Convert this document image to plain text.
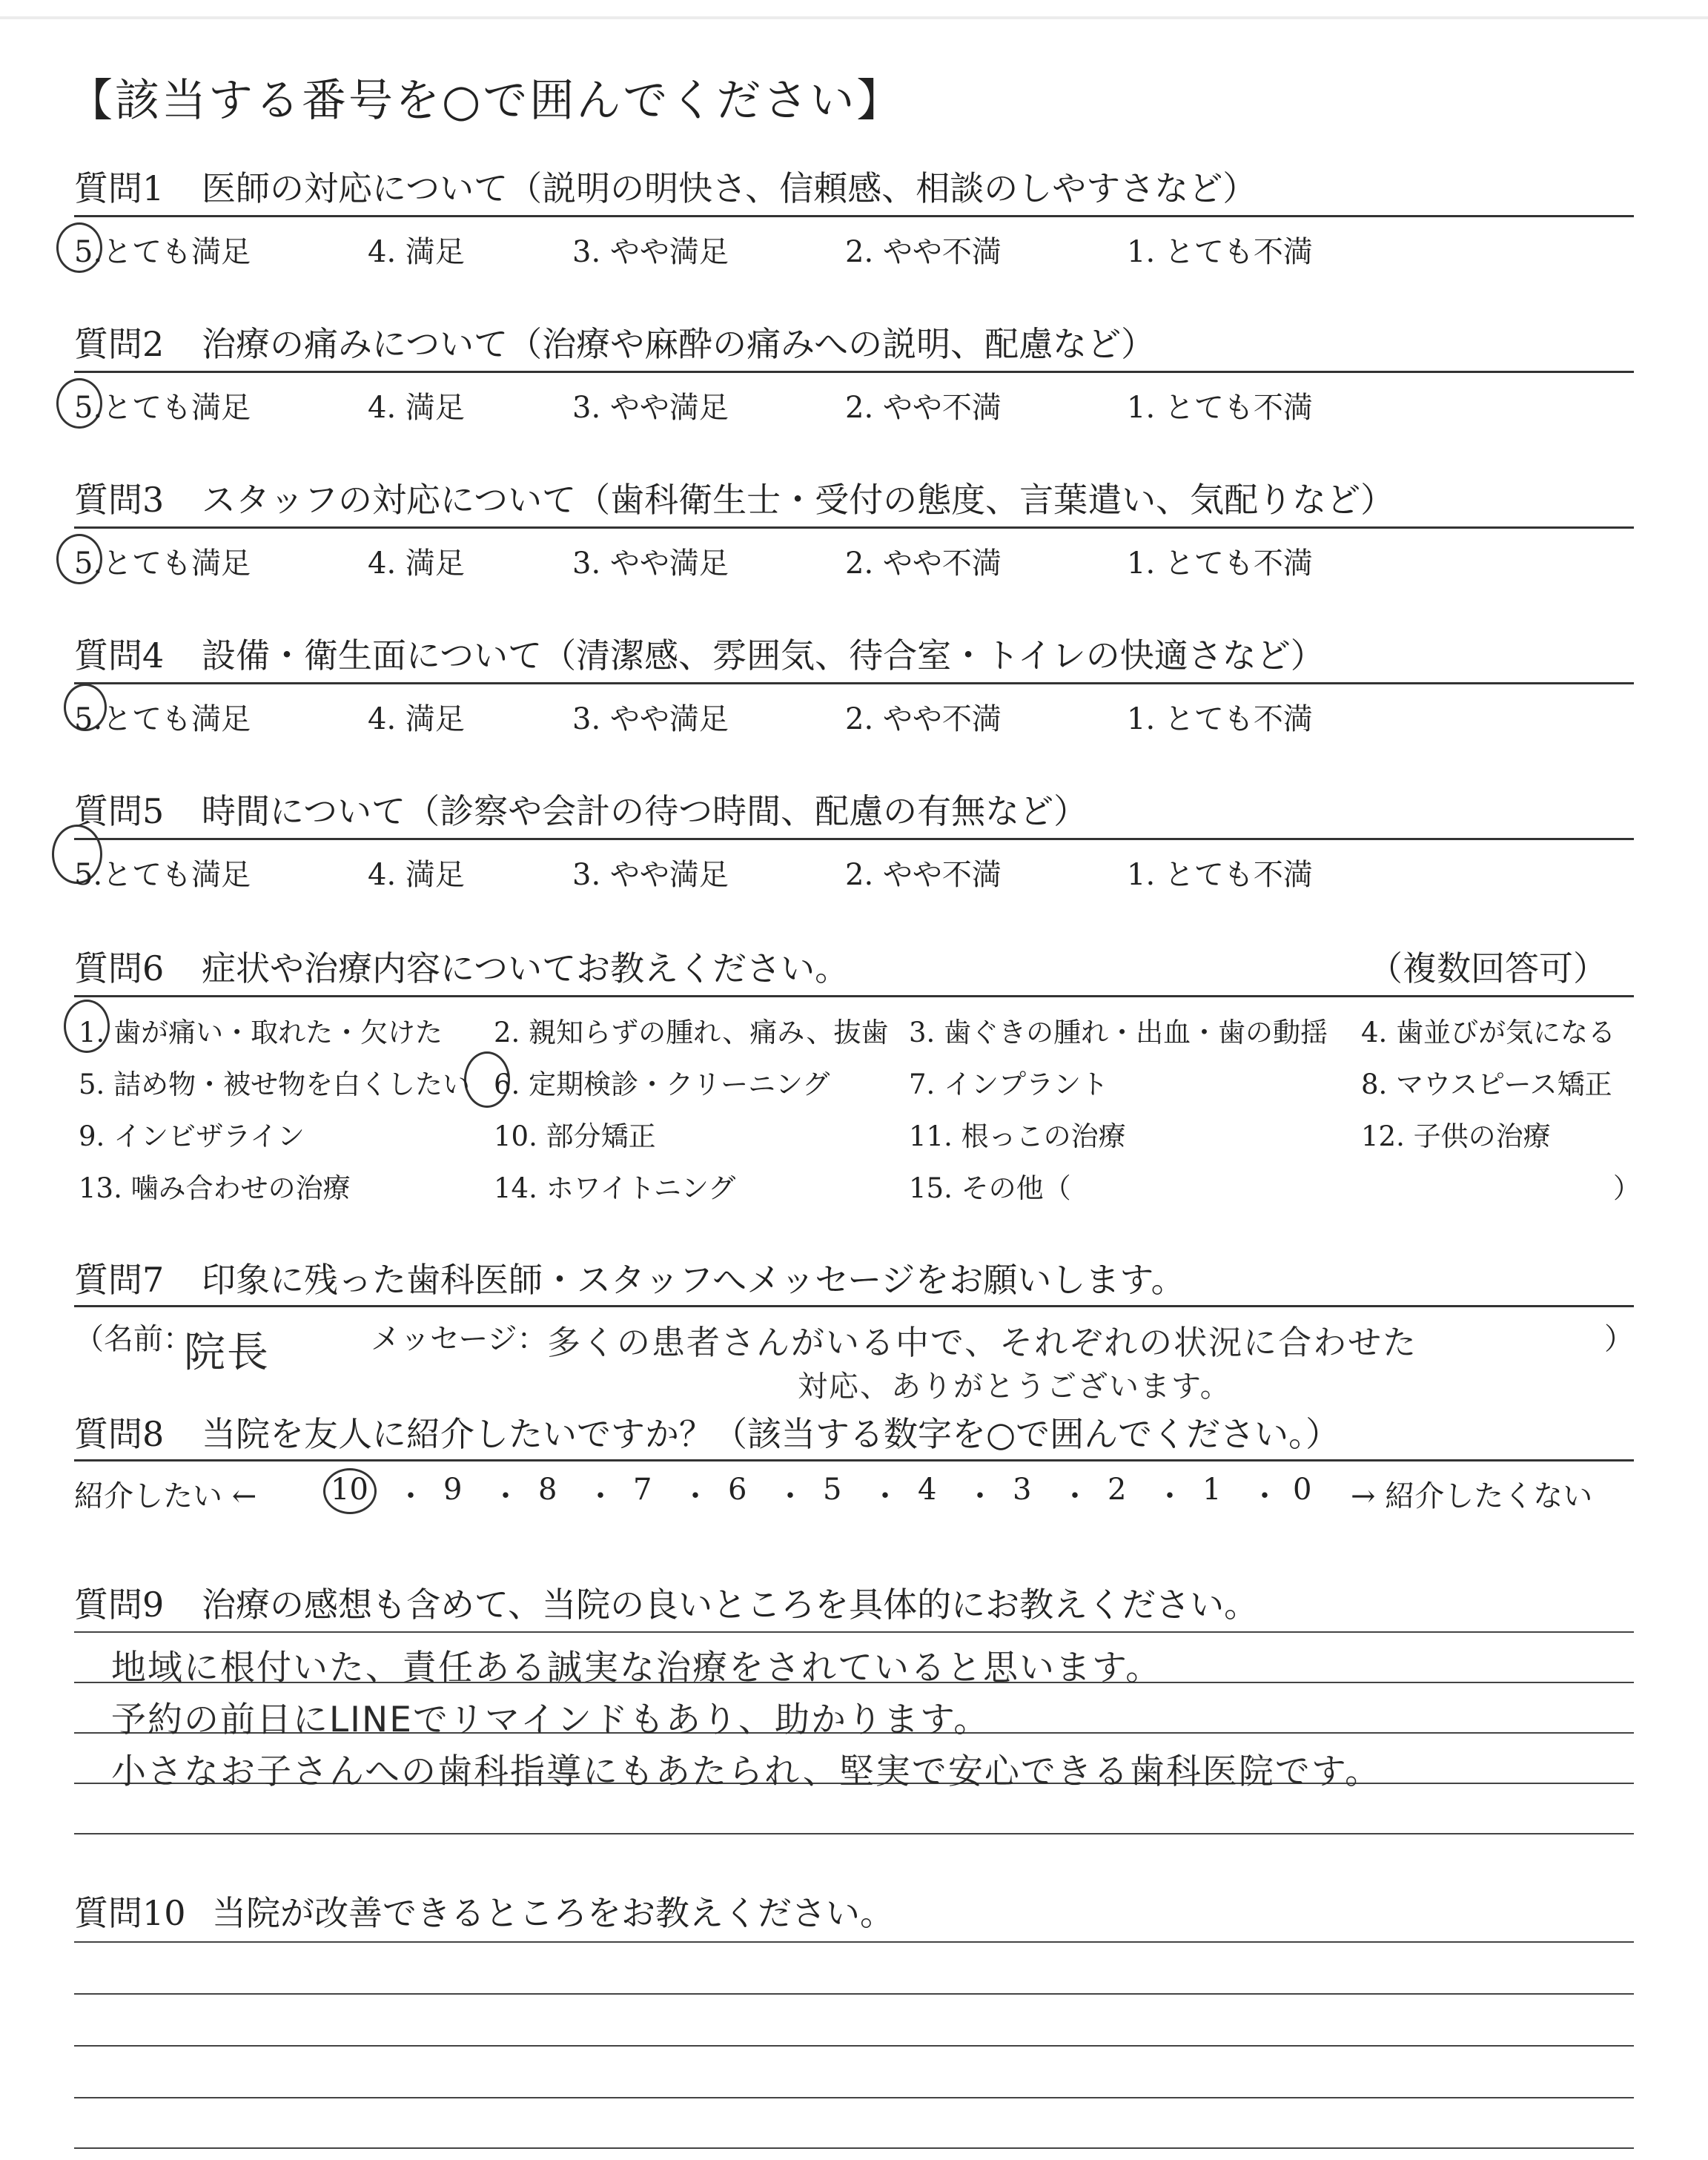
【該当する番号を○で囲んでください】
質問1 医師の対応について（説明の明快さ、信頼感、相談のしやすさなど）
5.とても満足	4. 満足	3. やや満足	2. やや不満	1. とても不満
質問2 治療の痛みについて（治療や麻酔の痛みへの説明、配慮など）
5.とても満足	4. 満足	3. やや満足	2. やや不満	1. とても不満
質問3 スタッフの対応について（歯科衛生士・受付の態度、言葉遣い、気配りなど）
5.とても満足	4. 満足	3. やや満足	2. やや不満	1. とても不満
質問4 設備・衛生面について（清潔感、雰囲気、待合室・トイレの快適さなど）
5.とても満足	4. 満足	3. やや満足	2. やや不満	1. とても不満
質問5 時間について（診察や会計の待つ時間、配慮の有無など）
5.とても満足	4. 満足	3. やや満足	2. やや不満	1. とても不満
質問6 症状や治療内容についてお教えください。	（複数回答可）
1. 歯が痛い・取れた・欠けた 2. 親知らずの腫れ、痛み、抜歯 3. 歯ぐきの腫れ・出血・歯の動揺 4. 歯並びが気になる
5. 詰め物・被せ物を白くしたい 6. 定期検診・クリーニング	7. インプラント	8. マウスピース矯正
9. インビザライン	10. 部分矯正	11. 根っこの治療	12. 子供の治療
13. 噛み合わせの治療	14. ホワイトニング	15. その他（	）
質問7 印象に残った歯科医師・スタッフへメッセージをお願いします。
（名前：
院長	メッセージ： 多くの患者さんがいる中で、それぞれの状況に合わせた	）
対応、ありがとうございます。
質問8 当院を友人に紹介したいですか？（該当する数字を○で囲んでください。）
紹介したい ← 10 ・ 9 ・ 8 ・ 7 ・ 6 ・ 5 ・ 4 ・ 3 ・ 2 ・ 1 ・ 0 → 紹介したくない
質問9 治療の感想も含めて、当院の良いところを具体的にお教えください。
地域に根付いた、責任ある誠実な治療をされていると思います。
予約の前日にLINEでリマインドもあり、助かります。
小さなお子さんへの歯科指導にもあたられ、堅実で安心できる歯科医院です。
質問10 当院が改善できるところをお教えください。
